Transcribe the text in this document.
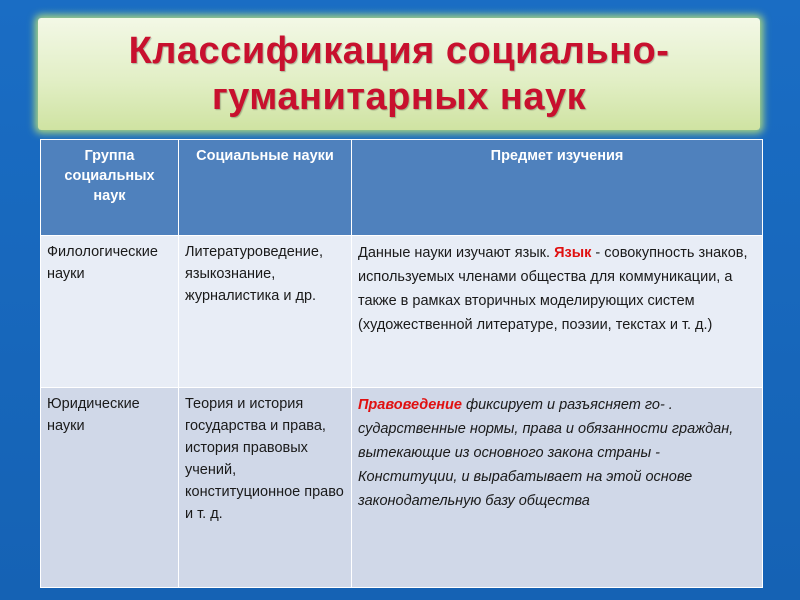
Классификация социально-гуманитарных наук
Группа социальных наук	Социальные науки	Предмет изучения
Филологические науки	Литературоведение, языкознание, журналистика и др.	Данные науки изучают язык. Язык - совокупность знаков, используемых членами общества для коммуникации, а также в рамках вторичных моделирующих систем (художественной литературе, поэзии, текстах и т. д.)
Юридические науки	Теория и история государства и права, история правовых учений, конституционное право и т. д.	Правоведение фиксирует и разъясняет го- . сударственные нормы, права и обязанности граждан, вытекающие из основного закона страны - Конституции, и вырабатывает на этой основе законодательную базу общества
